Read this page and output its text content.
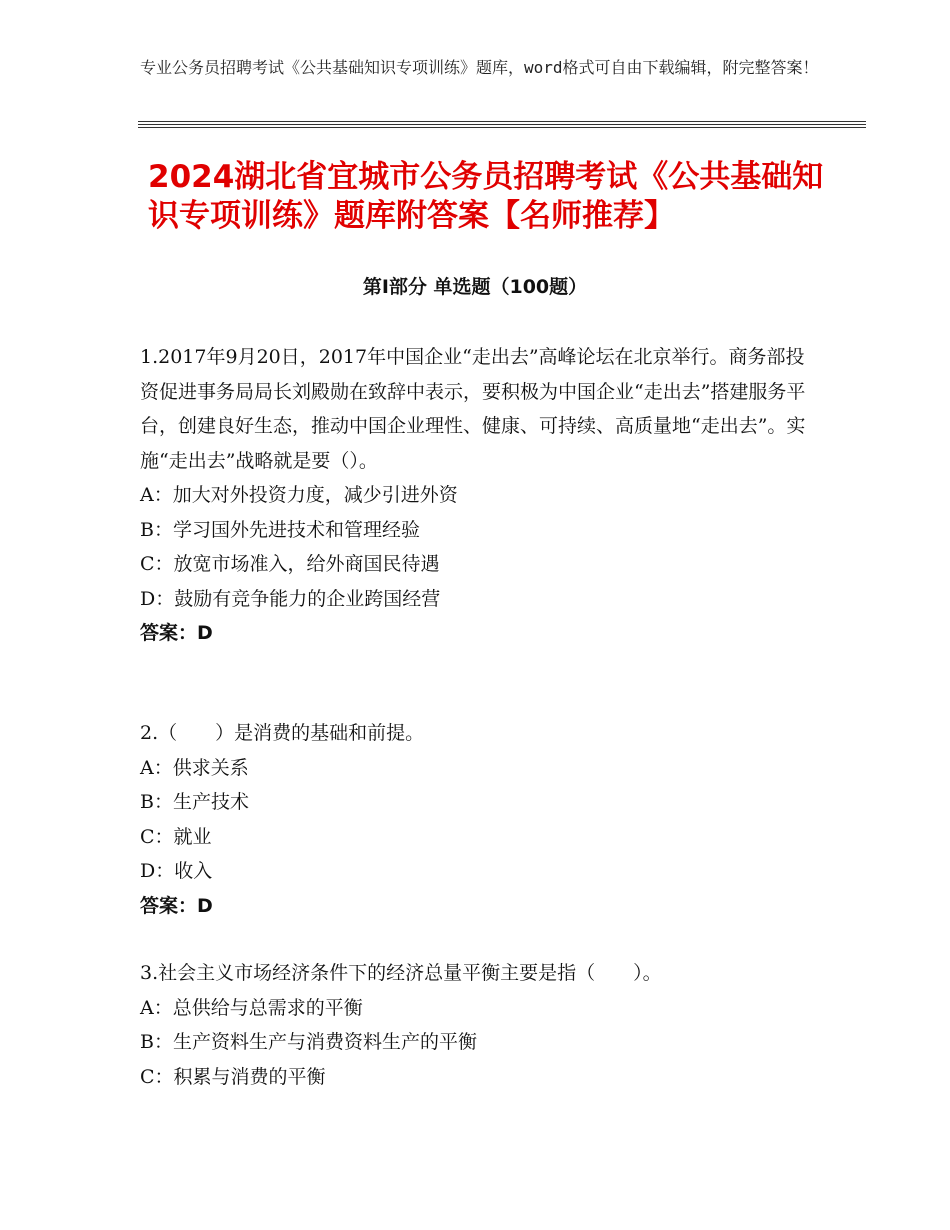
专业公务员招聘考试《公共基础知识专项训练》题库，word格式可自由下载编辑，附完整答案！
2024湖北省宜城市公务员招聘考试《公共基础知识专项训练》题库附答案【名师推荐】
第Ⅰ部分 单选题（100题）
1.2017年9月20日，2017年中国企业“走出去”高峰论坛在北京举行。商务部投资促进事务局局长刘殿勋在致辞中表示，要积极为中国企业“走出去”搭建服务平台，创建良好生态，推动中国企业理性、健康、可持续、高质量地“走出去”。实施“走出去”战略就是要（）。
A：加大对外投资力度，减少引进外资
B：学习国外先进技术和管理经验
C：放宽市场准入，给外商国民待遇
D：鼓励有竞争能力的企业跨国经营
答案：D
2.（　　）是消费的基础和前提。
A：供求关系
B：生产技术
C：就业
D：收入
答案：D
3.社会主义市场经济条件下的经济总量平衡主要是指（　　）。
A：总供给与总需求的平衡
B：生产资料生产与消费资料生产的平衡
C：积累与消费的平衡
